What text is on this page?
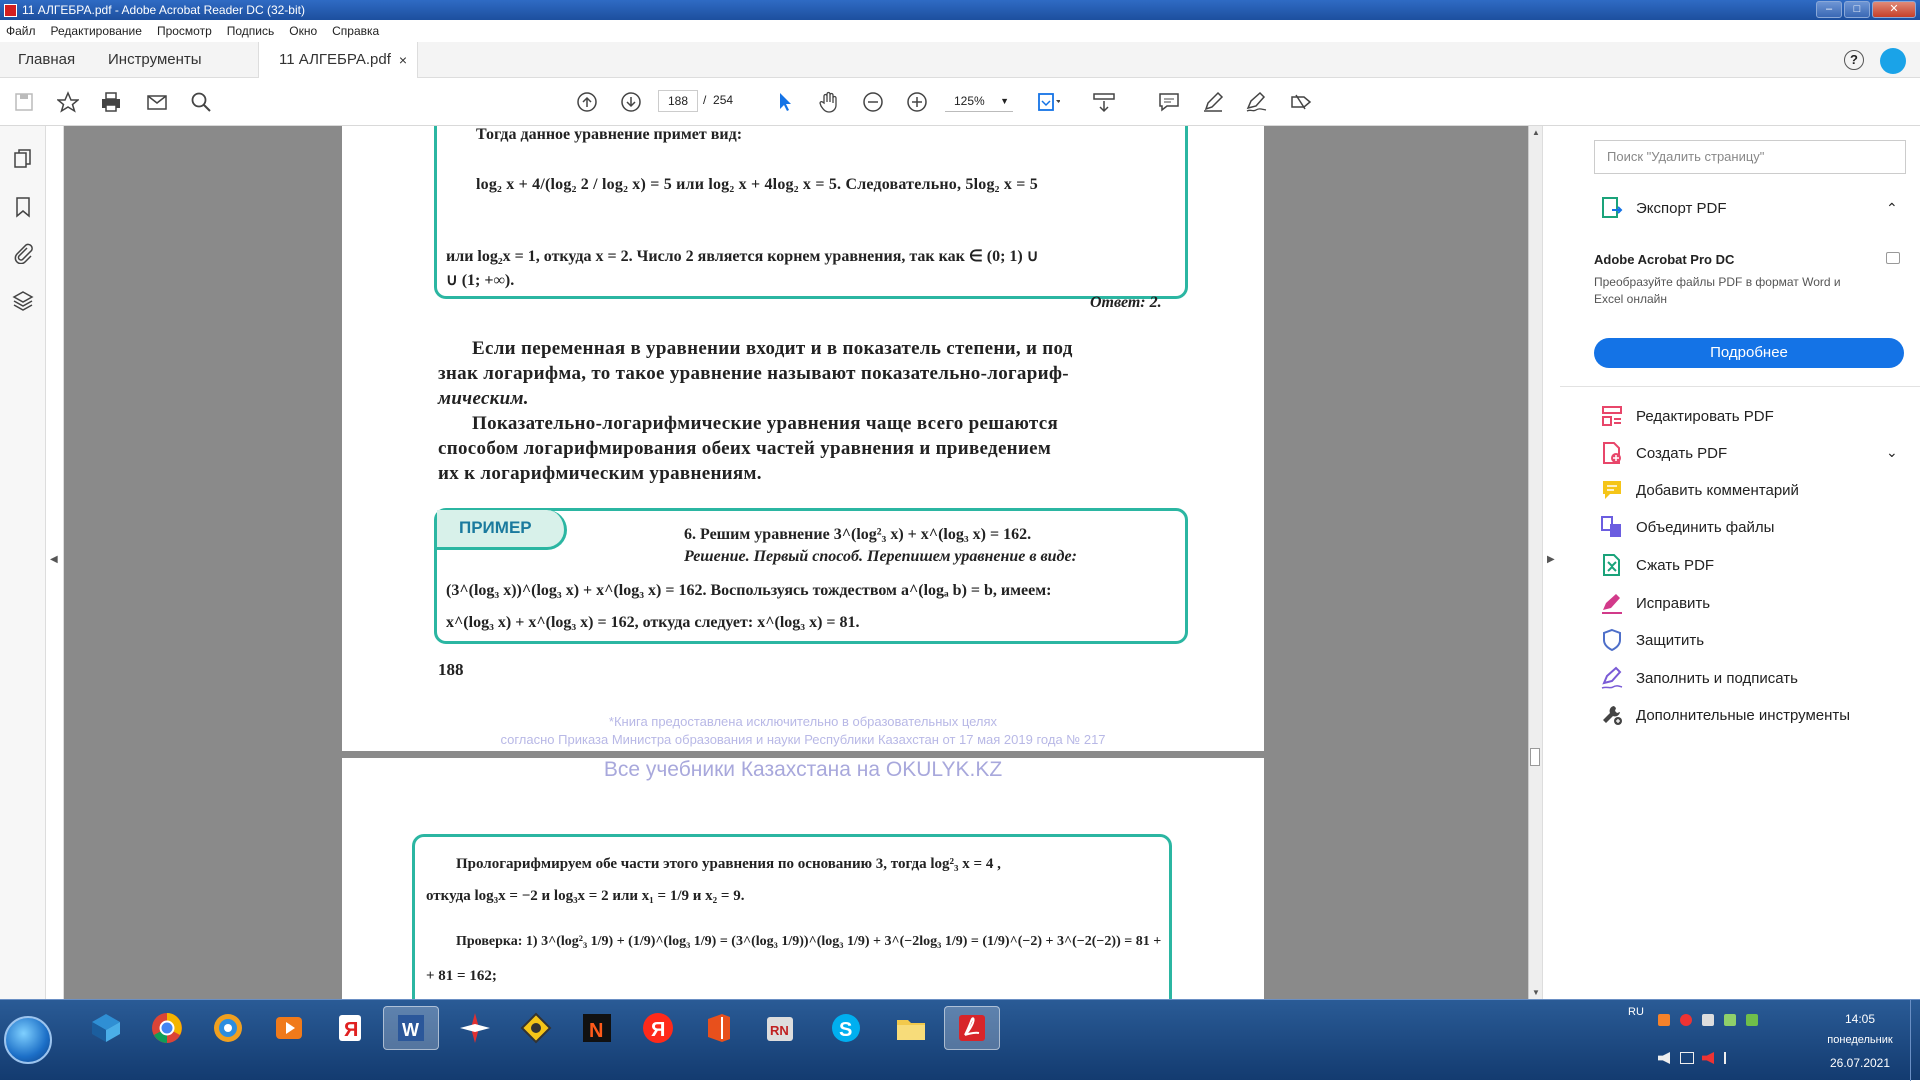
11 АЛГЕБРА.pdf - Adobe Acrobat Reader DC (32-bit)	–	□	✕
Файл Редактирование Просмотр Подпись Окно Справка
Главная Инструменты	11 АЛГЕБРА.pdf ×	?
188	/ 254	125% ▼
◀
Тогда данное уравнение примет вид:
log₂ x + 4/(log₂ 2 / log₂ x) = 5 или log₂ x + 4log₂ x = 5. Следовательно, 5log₂ x = 5
или log₂x = 1, откуда x = 2. Число 2 является корнем уравнения, так как ∈ (0; 1) ∪
∪ (1; +∞).
Ответ: 2.
Если переменная в уравнении входит и в показатель степени, и под
знак логарифма, то такое уравнение называют показательно-логариф-
мическим.
Показательно-логарифмические уравнения чаще всего решаются
способом логарифмирования обеих частей уравнения и приведением
их к логарифмическим уравнениям.
ПРИМЕР	6. Решим уравнение 3^(log²₃ x) + x^(log₃ x) = 162.
Решение. Первый способ. Перепишем уравнение в виде:
(3^(log₃ x))^(log₃ x) + x^(log₃ x) = 162. Воспользуясь тождеством a^(logₐ b) = b, имеем:
x^(log₃ x) + x^(log₃ x) = 162, откуда следует: x^(log₃ x) = 81.
188
*Книга предоставлена исключительно в образовательных целях
согласно Приказа Министра образования и науки Республики Казахстан от 17 мая 2019 года № 217
Все учебники Казахстана на OKULYK.KZ
Прологарифмируем обе части этого уравнения по основанию 3, тогда log²₃ x = 4 ,
откуда log₃x = −2 и log₃x = 2 или x₁ = 1/9 и x₂ = 9.
Проверка: 1) 3^(log²₃ 1/9) + (1/9)^(log₃ 1/9) = (3^(log₃ 1/9))^(log₃ 1/9) + 3^(−2log₃ 1/9) = (1/9)^(−2) + 3^(−2(−2)) = 81 +
+ 81 = 162;
▲
▼
▶
Поиск "Удалить страницу"
Экспорт PDF	⌃
Adobe Acrobat Pro DC
Преобразуйте файлы PDF в формат Word и Excel онлайн
Подробнее
Редактировать PDF
Создать PDF	⌄
Добавить комментарий
Объединить файлы
Сжать PDF
Исправить
Защитить
Заполнить и подписать
Дополнительные инструменты
Я W	N Я	RN	S
RU	14:05
понедельник
26.07.2021
